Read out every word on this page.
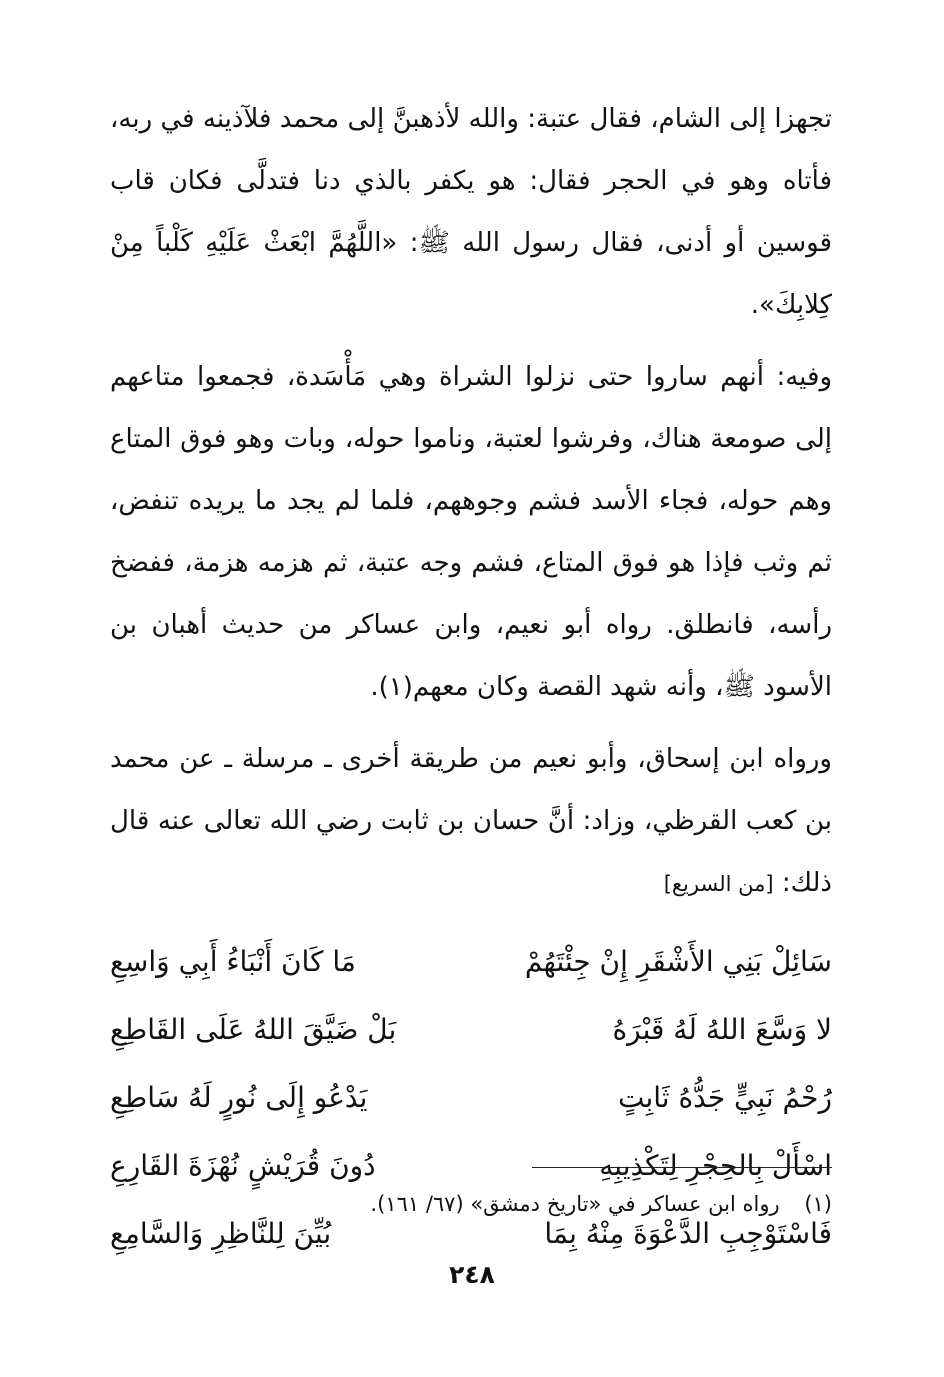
تجهزا إلى الشام، فقال عتبة: والله لأذهبنَّ إلى محمد فلآذينه في ربه، فأتاه وهو في الحجر فقال: هو يكفر بالذي دنا فتدلَّى فكان قاب قوسين أو أدنى، فقال رسول الله ﷺ: «اللَّهُمَّ ابْعَثْ عَلَيْهِ كَلْباً مِنْ كِلابِكَ».

وفيه: أنهم ساروا حتى نزلوا الشراة وهي مَأْسَدة، فجمعوا متاعهم إلى صومعة هناك، وفرشوا لعتبة، وناموا حوله، وبات وهو فوق المتاع وهم حوله، فجاء الأسد فشم وجوههم، فلما لم يجد ما يريده تنفض، ثم وثب فإذا هو فوق المتاع، فشم وجه عتبة، ثم هزمه هزمة، ففضخ رأسه، فانطلق. رواه أبو نعيم، وابن عساكر من حديث أهبان بن الأسود ﷺ، وأنه شهد القصة وكان معهم(١).

ورواه ابن إسحاق، وأبو نعيم من طريقة أخرى ـ مرسلة ـ عن محمد بن كعب القرظي، وزاد: أنَّ حسان بن ثابت رضي الله تعالى عنه قال ذلك: [من السريع]

سَائِلْ بَنِي الأَشْقَرِ إِنْ جِئْتَهُمْ
مَا كَانَ أَنْبَاءُ أَبِي وَاسِعِ
لا وَسَّعَ اللهُ لَهُ قَبْرَهُ
بَلْ ضَيَّقَ اللهُ عَلَى القَاطِعِ
رُحْمُ نَبِيٍّ جَدُّهُ ثَابِتٍ
يَدْعُو إِلَى نُورٍ لَهُ سَاطِعِ
اسْأَلْ بِالحِجْرِ لِتَكْذِيبِهِ
دُونَ قُرَيْشٍ نُهْزَةَ القَارِعِ
فَاسْتَوْجِبِ الدَّعْوَةَ مِنْهُ بِمَا
بُيِّنَ لِلنَّاظِرِ وَالسَّامِعِ
(١) رواه ابن عساكر في «تاريخ دمشق» (٦٧/ ١٦١).
٢٤٨
